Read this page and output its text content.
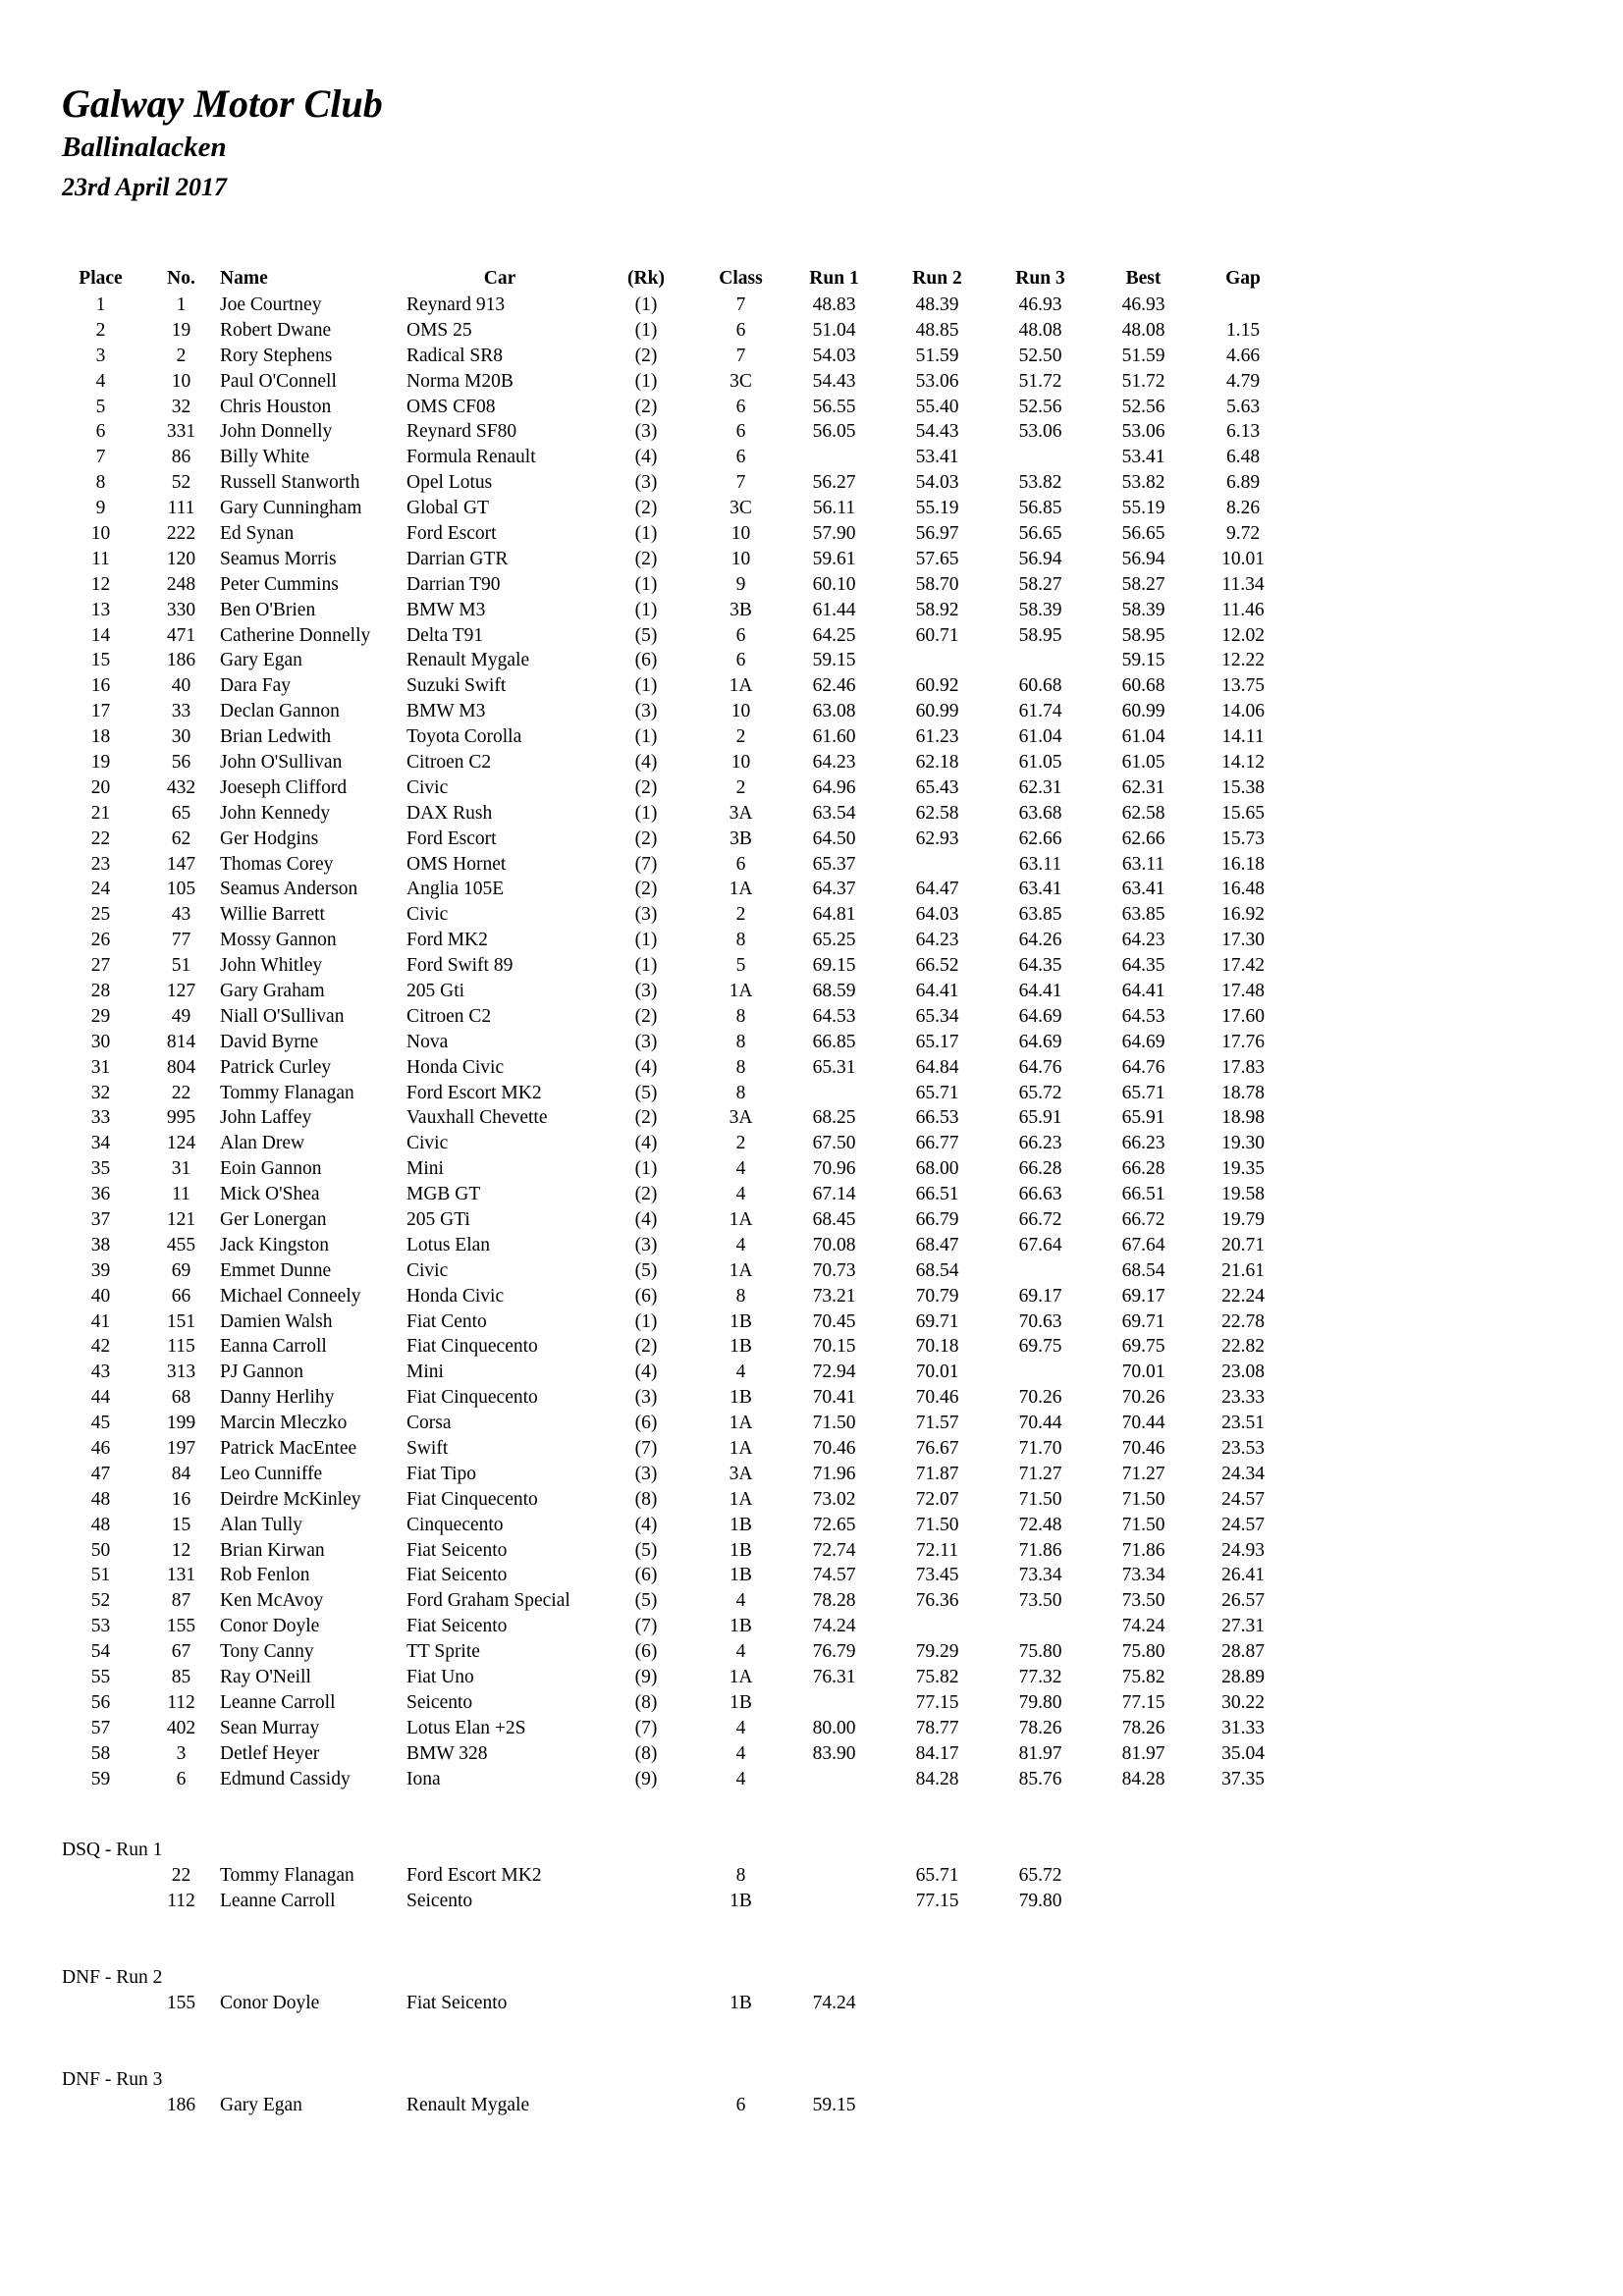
Galway Motor Club
Ballinalacken
23rd April 2017
Place	No.	Name	Car	(Rk)	Class	Run 1	Run 2	Run 3	Best	Gap
1	1	Joe Courtney	Reynard 913	(1)	7	48.83	48.39	46.93	46.93	
2	19	Robert Dwane	OMS 25	(1)	6	51.04	48.85	48.08	48.08	1.15
3	2	Rory Stephens	Radical SR8	(2)	7	54.03	51.59	52.50	51.59	4.66
4	10	Paul O'Connell	Norma M20B	(1)	3C	54.43	53.06	51.72	51.72	4.79
5	32	Chris Houston	OMS CF08	(2)	6	56.55	55.40	52.56	52.56	5.63
6	331	John Donnelly	Reynard SF80	(3)	6	56.05	54.43	53.06	53.06	6.13
7	86	Billy White	Formula Renault	(4)	6		53.41		53.41	6.48
8	52	Russell Stanworth	Opel Lotus	(3)	7	56.27	54.03	53.82	53.82	6.89
9	111	Gary Cunningham	Global GT	(2)	3C	56.11	55.19	56.85	55.19	8.26
10	222	Ed Synan	Ford Escort	(1)	10	57.90	56.97	56.65	56.65	9.72
11	120	Seamus Morris	Darrian GTR	(2)	10	59.61	57.65	56.94	56.94	10.01
12	248	Peter Cummins	Darrian T90	(1)	9	60.10	58.70	58.27	58.27	11.34
13	330	Ben O'Brien	BMW M3	(1)	3B	61.44	58.92	58.39	58.39	11.46
14	471	Catherine Donnelly	Delta T91	(5)	6	64.25	60.71	58.95	58.95	12.02
15	186	Gary Egan	Renault Mygale	(6)	6	59.15			59.15	12.22
16	40	Dara Fay	Suzuki Swift	(1)	1A	62.46	60.92	60.68	60.68	13.75
17	33	Declan Gannon	BMW M3	(3)	10	63.08	60.99	61.74	60.99	14.06
18	30	Brian Ledwith	Toyota Corolla	(1)	2	61.60	61.23	61.04	61.04	14.11
19	56	John O'Sullivan	Citroen C2	(4)	10	64.23	62.18	61.05	61.05	14.12
20	432	Joeseph Clifford	Civic	(2)	2	64.96	65.43	62.31	62.31	15.38
21	65	John Kennedy	DAX Rush	(1)	3A	63.54	62.58	63.68	62.58	15.65
22	62	Ger Hodgins	Ford Escort	(2)	3B	64.50	62.93	62.66	62.66	15.73
23	147	Thomas Corey	OMS Hornet	(7)	6	65.37		63.11	63.11	16.18
24	105	Seamus Anderson	Anglia 105E	(2)	1A	64.37	64.47	63.41	63.41	16.48
25	43	Willie Barrett	Civic	(3)	2	64.81	64.03	63.85	63.85	16.92
26	77	Mossy Gannon	Ford MK2	(1)	8	65.25	64.23	64.26	64.23	17.30
27	51	John Whitley	Ford Swift 89	(1)	5	69.15	66.52	64.35	64.35	17.42
28	127	Gary Graham	205 Gti	(3)	1A	68.59	64.41	64.41	64.41	17.48
29	49	Niall O'Sullivan	Citroen C2	(2)	8	64.53	65.34	64.69	64.53	17.60
30	814	David Byrne	Nova	(3)	8	66.85	65.17	64.69	64.69	17.76
31	804	Patrick Curley	Honda Civic	(4)	8	65.31	64.84	64.76	64.76	17.83
32	22	Tommy Flanagan	Ford Escort MK2	(5)	8		65.71	65.72	65.71	18.78
33	995	John Laffey	Vauxhall Chevette	(2)	3A	68.25	66.53	65.91	65.91	18.98
34	124	Alan Drew	Civic	(4)	2	67.50	66.77	66.23	66.23	19.30
35	31	Eoin Gannon	Mini	(1)	4	70.96	68.00	66.28	66.28	19.35
36	11	Mick O'Shea	MGB GT	(2)	4	67.14	66.51	66.63	66.51	19.58
37	121	Ger Lonergan	205 GTi	(4)	1A	68.45	66.79	66.72	66.72	19.79
38	455	Jack Kingston	Lotus Elan	(3)	4	70.08	68.47	67.64	67.64	20.71
39	69	Emmet Dunne	Civic	(5)	1A	70.73	68.54		68.54	21.61
40	66	Michael Conneely	Honda Civic	(6)	8	73.21	70.79	69.17	69.17	22.24
41	151	Damien Walsh	Fiat Cento	(1)	1B	70.45	69.71	70.63	69.71	22.78
42	115	Eanna Carroll	Fiat Cinquecento	(2)	1B	70.15	70.18	69.75	69.75	22.82
43	313	PJ Gannon	Mini	(4)	4	72.94	70.01		70.01	23.08
44	68	Danny Herlihy	Fiat Cinquecento	(3)	1B	70.41	70.46	70.26	70.26	23.33
45	199	Marcin Mleczko	Corsa	(6)	1A	71.50	71.57	70.44	70.44	23.51
46	197	Patrick MacEntee	Swift	(7)	1A	70.46	76.67	71.70	70.46	23.53
47	84	Leo Cunniffe	Fiat Tipo	(3)	3A	71.96	71.87	71.27	71.27	24.34
48	16	Deirdre McKinley	Fiat Cinquecento	(8)	1A	73.02	72.07	71.50	71.50	24.57
48	15	Alan Tully	Cinquecento	(4)	1B	72.65	71.50	72.48	71.50	24.57
50	12	Brian Kirwan	Fiat Seicento	(5)	1B	72.74	72.11	71.86	71.86	24.93
51	131	Rob Fenlon	Fiat Seicento	(6)	1B	74.57	73.45	73.34	73.34	26.41
52	87	Ken McAvoy	Ford Graham Special	(5)	4	78.28	76.36	73.50	73.50	26.57
53	155	Conor Doyle	Fiat Seicento	(7)	1B	74.24			74.24	27.31
54	67	Tony Canny	TT Sprite	(6)	4	76.79	79.29	75.80	75.80	28.87
55	85	Ray O'Neill	Fiat Uno	(9)	1A	76.31	75.82	77.32	75.82	28.89
56	112	Leanne Carroll	Seicento	(8)	1B		77.15	79.80	77.15	30.22
57	402	Sean Murray	Lotus Elan +2S	(7)	4	80.00	78.77	78.26	78.26	31.33
58	3	Detlef Heyer	BMW 328	(8)	4	83.90	84.17	81.97	81.97	35.04
59	6	Edmund Cassidy	Iona	(9)	4		84.28	85.76	84.28	37.35
DSQ - Run 1
	22	Tommy Flanagan	Ford Escort MK2		8		65.71	65.72
	112	Leanne Carroll	Seicento		1B		77.15	79.80
DNF - Run 2
	155	Conor Doyle	Fiat Seicento		1B	74.24		
DNF - Run 3
	186	Gary Egan	Renault Mygale		6	59.15		
